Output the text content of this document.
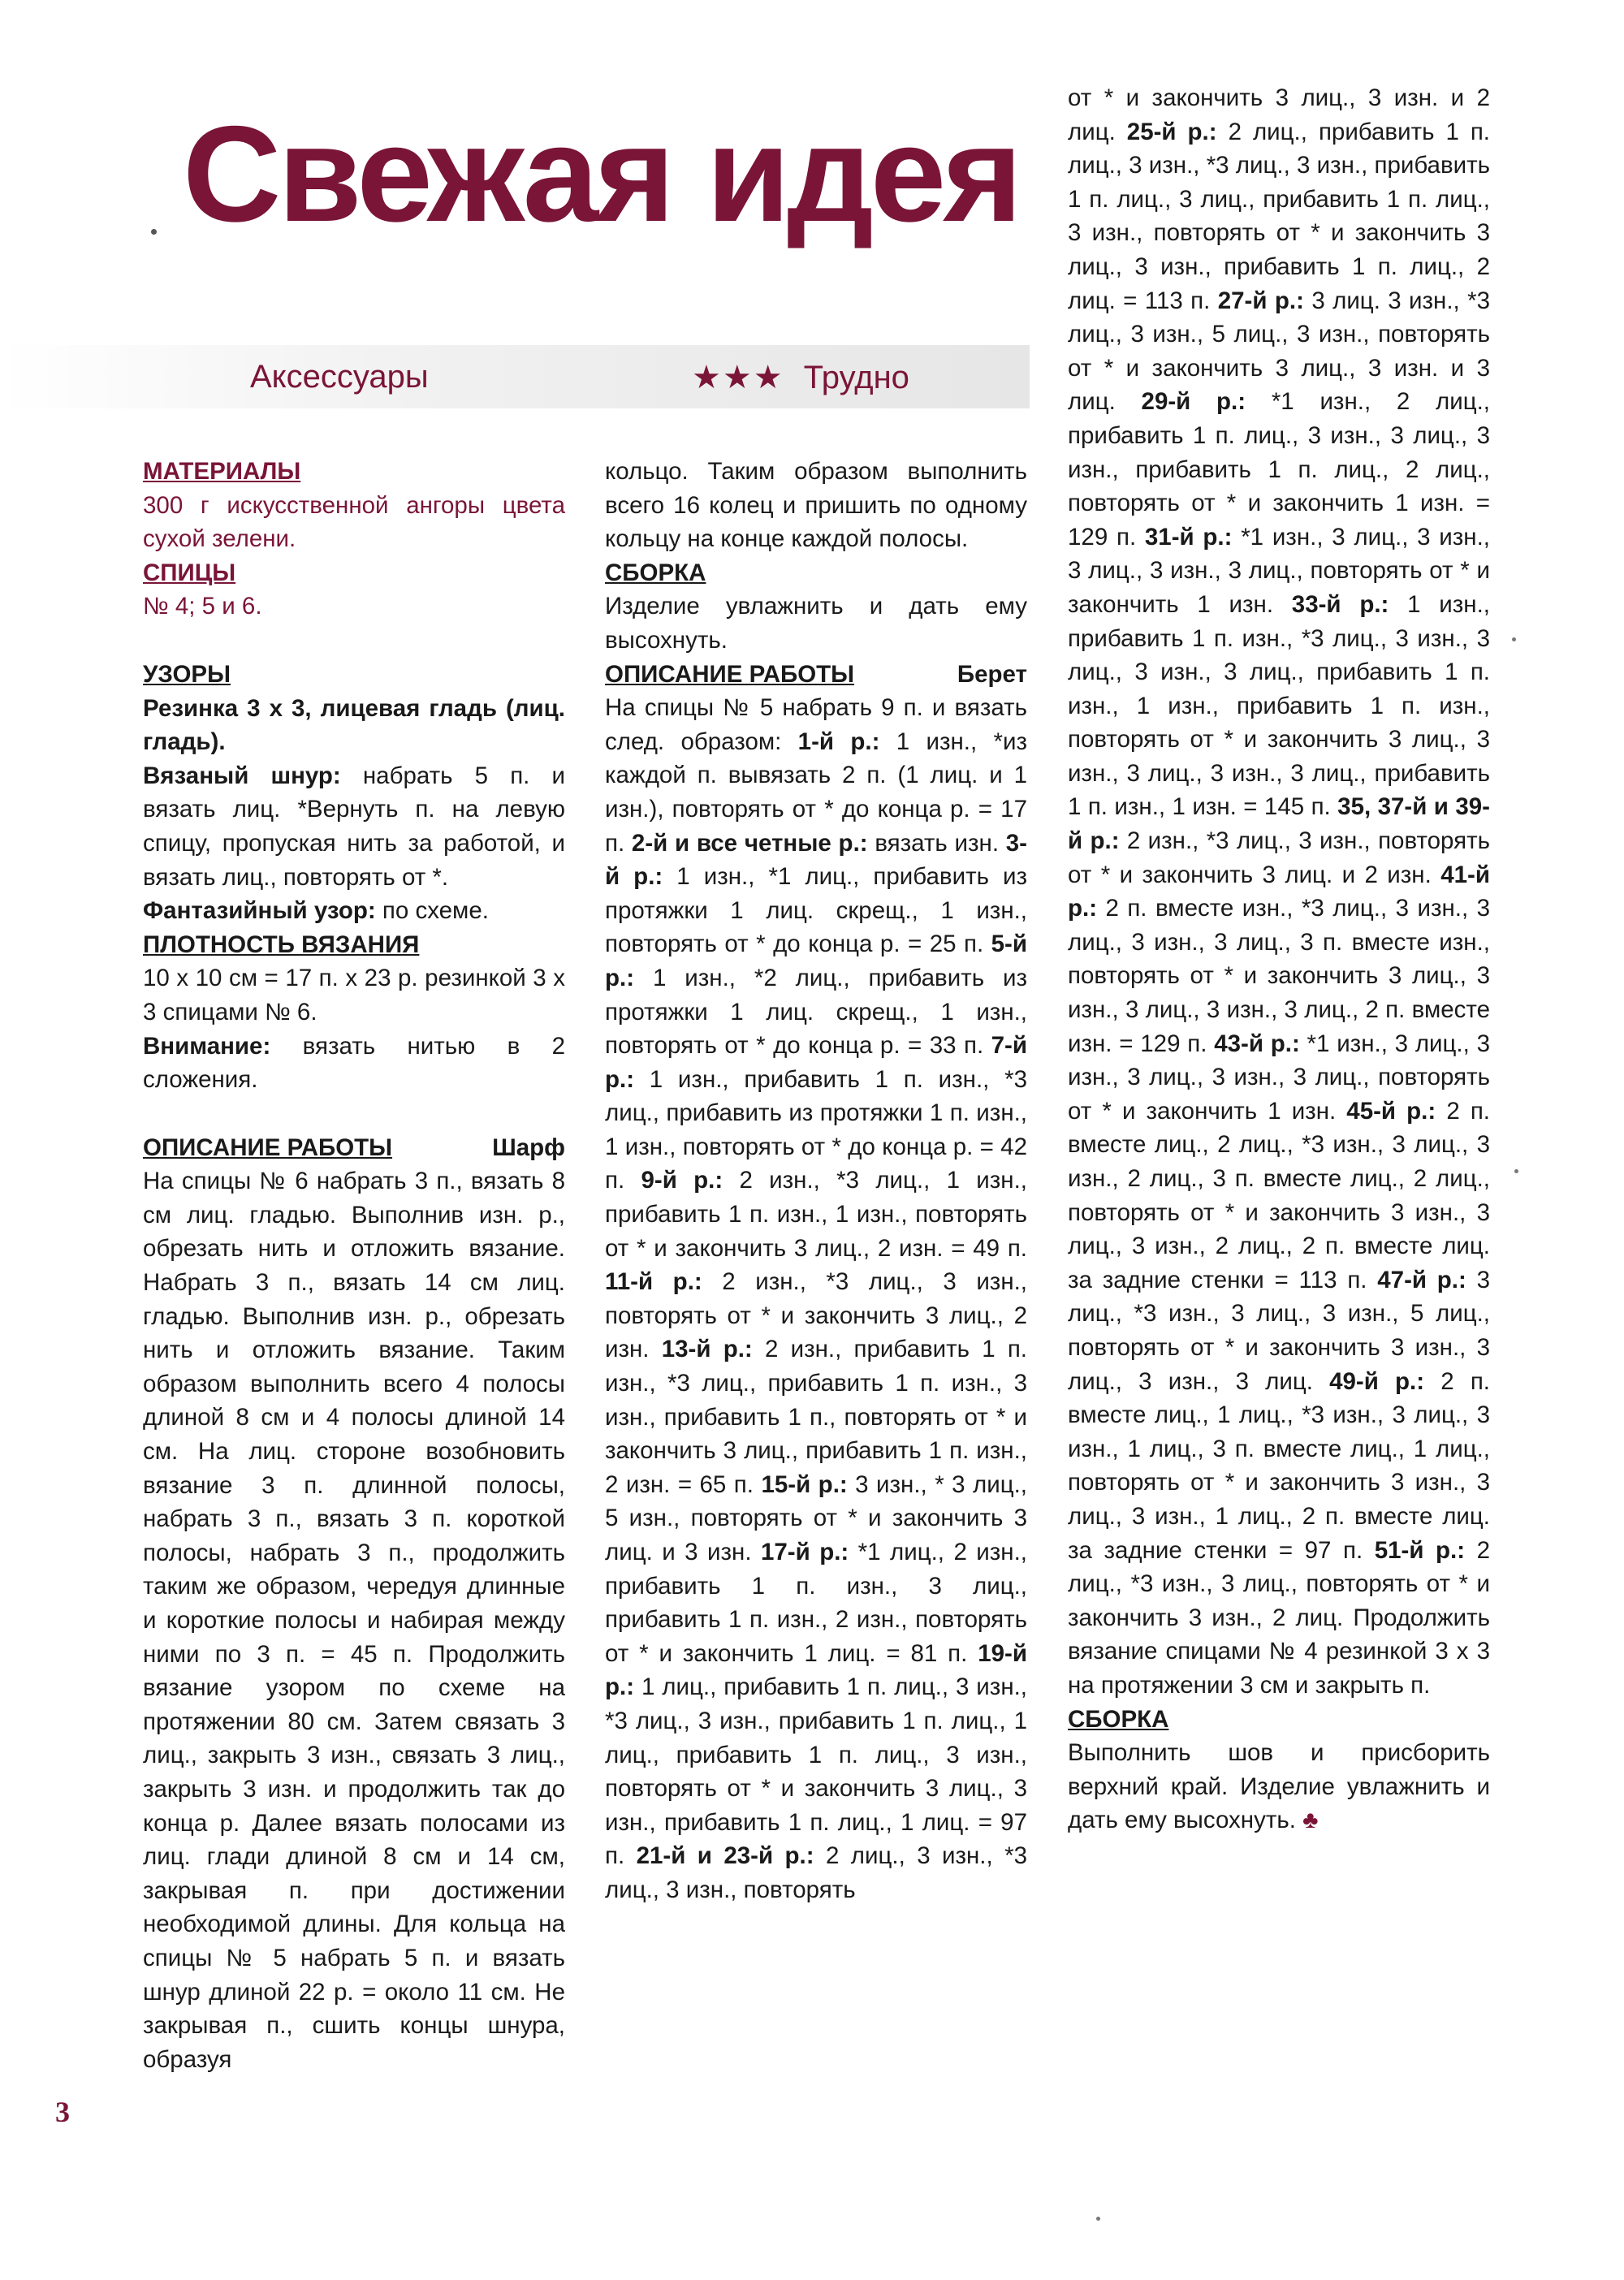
Свежая идея
Аксессуары	★★★ Трудно

МАТЕРИАЛЫ

300 г искусственной ангоры цвета сухой зелени.

СПИЦЫ

№ 4; 5 и 6.

УЗОРЫ

Резинка 3 х 3, лицевая гладь (лиц. гладь).

Вязаный шнур: набрать 5 п. и вязать лиц. *Вернуть п. на левую спицу, пропуская нить за работой, и вязать лиц., повторять от *.

Фантазийный узор: по схеме.

ПЛОТНОСТЬ ВЯЗАНИЯ

10 х 10 см = 17 п. х 23 р. резинкой 3 х 3 спицами № 6.

Внимание: вязать нитью в 2 сложения.

ОПИСАНИЕ РАБОТЫ	Шарф

На спицы № 6 набрать 3 п., вязать 8 см лиц. гладью. Выполнив изн. р., обрезать нить и отложить вязание. Набрать 3 п., вязать 14 см лиц. гладью. Выполнив изн. р., обрезать нить и отложить вязание. Таким образом выполнить всего 4 полосы длиной 8 см и 4 полосы длиной 14 см. На лиц. стороне возобновить вязание 3 п. длинной полосы, набрать 3 п., вязать 3 п. короткой полосы, набрать 3 п., продолжить таким же образом, чередуя длинные и короткие полосы и набирая между ними по 3 п. = 45 п. Продолжить вязание узором по схеме на протяжении 80 см. Затем связать 3 лиц., закрыть 3 изн., связать 3 лиц., закрыть 3 изн. и продолжить так до конца р. Далее вязать полосами из лиц. глади длиной 8 см и 14 см, закрывая п. при достижении необходимой длины. Для кольца на спицы № 5 набрать 5 п. и вязать шнур длиной 22 р. = около 11 см. Не закрывая п., сшить концы шнура, образуя

кольцо. Таким образом выполнить всего 16 колец и пришить по одному кольцу на конце каждой полосы.

СБОРКА

Изделие увлажнить и дать ему высохнуть.

ОПИСАНИЕ РАБОТЫ	Берет

На спицы № 5 набрать 9 п. и вязать след. образом: 1-й р.: 1 изн., *из каждой п. вывязать 2 п. (1 лиц. и 1 изн.), повторять от * до конца р. = 17 п. 2-й и все четные р.: вязать изн. 3-й р.: 1 изн., *1 лиц., прибавить из протяжки 1 лиц. скрещ., 1 изн., повторять от * до конца р. = 25 п. 5-й р.: 1 изн., *2 лиц., прибавить из протяжки 1 лиц. скрещ., 1 изн., повторять от * до конца р. = 33 п. 7-й р.: 1 изн., прибавить 1 п. изн., *3 лиц., прибавить из протяжки 1 п. изн., 1 изн., повторять от * до конца р. = 42 п. 9-й р.: 2 изн., *3 лиц., 1 изн., прибавить 1 п. изн., 1 изн., повторять от * и закончить 3 лиц., 2 изн. = 49 п. 11-й р.: 2 изн., *3 лиц., 3 изн., повторять от * и закончить 3 лиц., 2 изн. 13-й р.: 2 изн., прибавить 1 п. изн., *3 лиц., прибавить 1 п. изн., 3 изн., прибавить 1 п., повторять от * и закончить 3 лиц., прибавить 1 п. изн., 2 изн. = 65 п. 15-й р.: 3 изн., * 3 лиц., 5 изн., повторять от * и закончить 3 лиц. и 3 изн. 17-й р.: *1 лиц., 2 изн., прибавить 1 п. изн., 3 лиц., прибавить 1 п. изн., 2 изн., повторять от * и закончить 1 лиц. = 81 п. 19-й р.: 1 лиц., прибавить 1 п. лиц., 3 изн., *3 лиц., 3 изн., прибавить 1 п. лиц., 1 лиц., прибавить 1 п. лиц., 3 изн., повторять от * и закончить 3 лиц., 3 изн., прибавить 1 п. лиц., 1 лиц. = 97 п. 21-й и 23-й р.: 2 лиц., 3 изн., *3 лиц., 3 изн., повторять

от * и закончить 3 лиц., 3 изн. и 2 лиц. 25-й р.: 2 лиц., прибавить 1 п. лиц., 3 изн., *3 лиц., 3 изн., прибавить 1 п. лиц., 3 лиц., прибавить 1 п. лиц., 3 изн., повторять от * и закончить 3 лиц., 3 изн., прибавить 1 п. лиц., 2 лиц. = 113 п. 27-й р.: 3 лиц. 3 изн., *3 лиц., 3 изн., 5 лиц., 3 изн., повторять от * и закончить 3 лиц., 3 изн. и 3 лиц. 29-й р.: *1 изн., 2 лиц., прибавить 1 п. лиц., 3 изн., 3 лиц., 3 изн., прибавить 1 п. лиц., 2 лиц., повторять от * и закончить 1 изн. = 129 п. 31-й р.: *1 изн., 3 лиц., 3 изн., 3 лиц., 3 изн., 3 лиц., повторять от * и закончить 1 изн. 33-й р.: 1 изн., прибавить 1 п. изн., *3 лиц., 3 изн., 3 лиц., 3 изн., 3 лиц., прибавить 1 п. изн., 1 изн., прибавить 1 п. изн., повторять от * и закончить 3 лиц., 3 изн., 3 лиц., 3 изн., 3 лиц., прибавить 1 п. изн., 1 изн. = 145 п. 35, 37-й и 39-й р.: 2 изн., *3 лиц., 3 изн., повторять от * и закончить 3 лиц. и 2 изн. 41-й р.: 2 п. вместе изн., *3 лиц., 3 изн., 3 лиц., 3 изн., 3 лиц., 3 п. вместе изн., повторять от * и закончить 3 лиц., 3 изн., 3 лиц., 3 изн., 3 лиц., 2 п. вместе изн. = 129 п. 43-й р.: *1 изн., 3 лиц., 3 изн., 3 лиц., 3 изн., 3 лиц., повторять от * и закончить 1 изн. 45-й р.: 2 п. вместе лиц., 2 лиц., *3 изн., 3 лиц., 3 изн., 2 лиц., 3 п. вместе лиц., 2 лиц., повторять от * и закончить 3 изн., 3 лиц., 3 изн., 2 лиц., 2 п. вместе лиц. за задние стенки = 113 п. 47-й р.: 3 лиц., *3 изн., 3 лиц., 3 изн., 5 лиц., повторять от * и закончить 3 изн., 3 лиц., 3 изн., 3 лиц. 49-й р.: 2 п. вместе лиц., 1 лиц., *3 изн., 3 лиц., 3 изн., 1 лиц., 3 п. вместе лиц., 1 лиц., повторять от * и закончить 3 изн., 3 лиц., 3 изн., 1 лиц., 2 п. вместе лиц. за задние стенки = 97 п. 51-й р.: 2 лиц., *3 изн., 3 лиц., повторять от * и закончить 3 изн., 2 лиц. Продолжить вязание спицами № 4 резинкой 3 х 3 на протяжении 3 см и закрыть п.

СБОРКА

Выполнить шов и присборить верхний край. Изделие увлажнить и дать ему высохнуть. ♣

3
